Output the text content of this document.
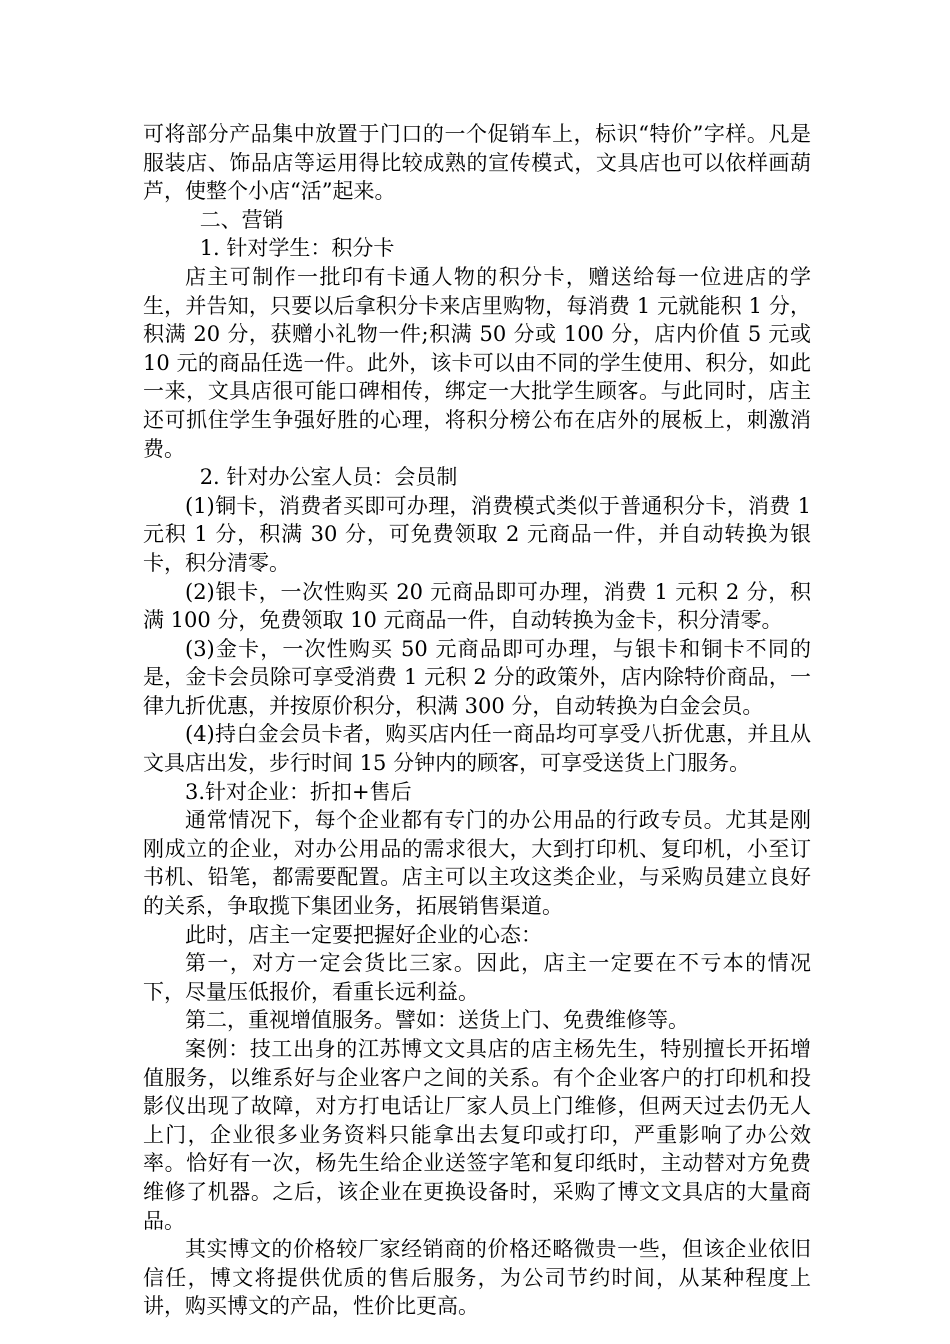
可将部分产品集中放置于门口的一个促销车上，标识“特价”字样。凡是服装店、饰品店等运用得比较成熟的宣传模式，文具店也可以依样画葫芦，使整个小店“活”起来。

二、营销

1. 针对学生：积分卡

店主可制作一批印有卡通人物的积分卡，赠送给每一位进店的学生，并告知，只要以后拿积分卡来店里购物，每消费 1 元就能积 1 分，积满 20 分，获赠小礼物一件;积满 50 分或 100 分，店内价值 5 元或 10 元的商品任选一件。此外，该卡可以由不同的学生使用、积分，如此一来，文具店很可能口碑相传，绑定一大批学生顾客。与此同时，店主还可抓住学生争强好胜的心理，将积分榜公布在店外的展板上，刺激消费。

2. 针对办公室人员：会员制

(1)铜卡，消费者买即可办理，消费模式类似于普通积分卡，消费 1 元积 1 分，积满 30 分，可免费领取 2 元商品一件，并自动转换为银卡，积分清零。

(2)银卡，一次性购买 20 元商品即可办理，消费 1 元积 2 分，积满 100 分，免费领取 10 元商品一件，自动转换为金卡，积分清零。

(3)金卡，一次性购买 50 元商品即可办理，与银卡和铜卡不同的是，金卡会员除可享受消费 1 元积 2 分的政策外，店内除特价商品，一律九折优惠，并按原价积分，积满 300 分，自动转换为白金会员。

(4)持白金会员卡者，购买店内任一商品均可享受八折优惠，并且从文具店出发，步行时间 15 分钟内的顾客，可享受送货上门服务。

3.针对企业：折扣+售后

通常情况下，每个企业都有专门的办公用品的行政专员。尤其是刚刚成立的企业，对办公用品的需求很大，大到打印机、复印机，小至订书机、铅笔，都需要配置。店主可以主攻这类企业，与采购员建立良好的关系，争取揽下集团业务，拓展销售渠道。

此时，店主一定要把握好企业的心态：

第一，对方一定会货比三家。因此，店主一定要在不亏本的情况下，尽量压低报价，看重长远利益。

第二，重视增值服务。譬如：送货上门、免费维修等。

案例：技工出身的江苏博文文具店的店主杨先生，特别擅长开拓增值服务，以维系好与企业客户之间的关系。有个企业客户的打印机和投影仪出现了故障，对方打电话让厂家人员上门维修，但两天过去仍无人上门，企业很多业务资料只能拿出去复印或打印，严重影响了办公效率。恰好有一次，杨先生给企业送签字笔和复印纸时，主动替对方免费维修了机器。之后，该企业在更换设备时，采购了博文文具店的大量商品。

其实博文的价格较厂家经销商的价格还略微贵一些，但该企业依旧信任，博文将提供优质的售后服务，为公司节约时间，从某种程度上讲，购买博文的产品，性价比更高。
